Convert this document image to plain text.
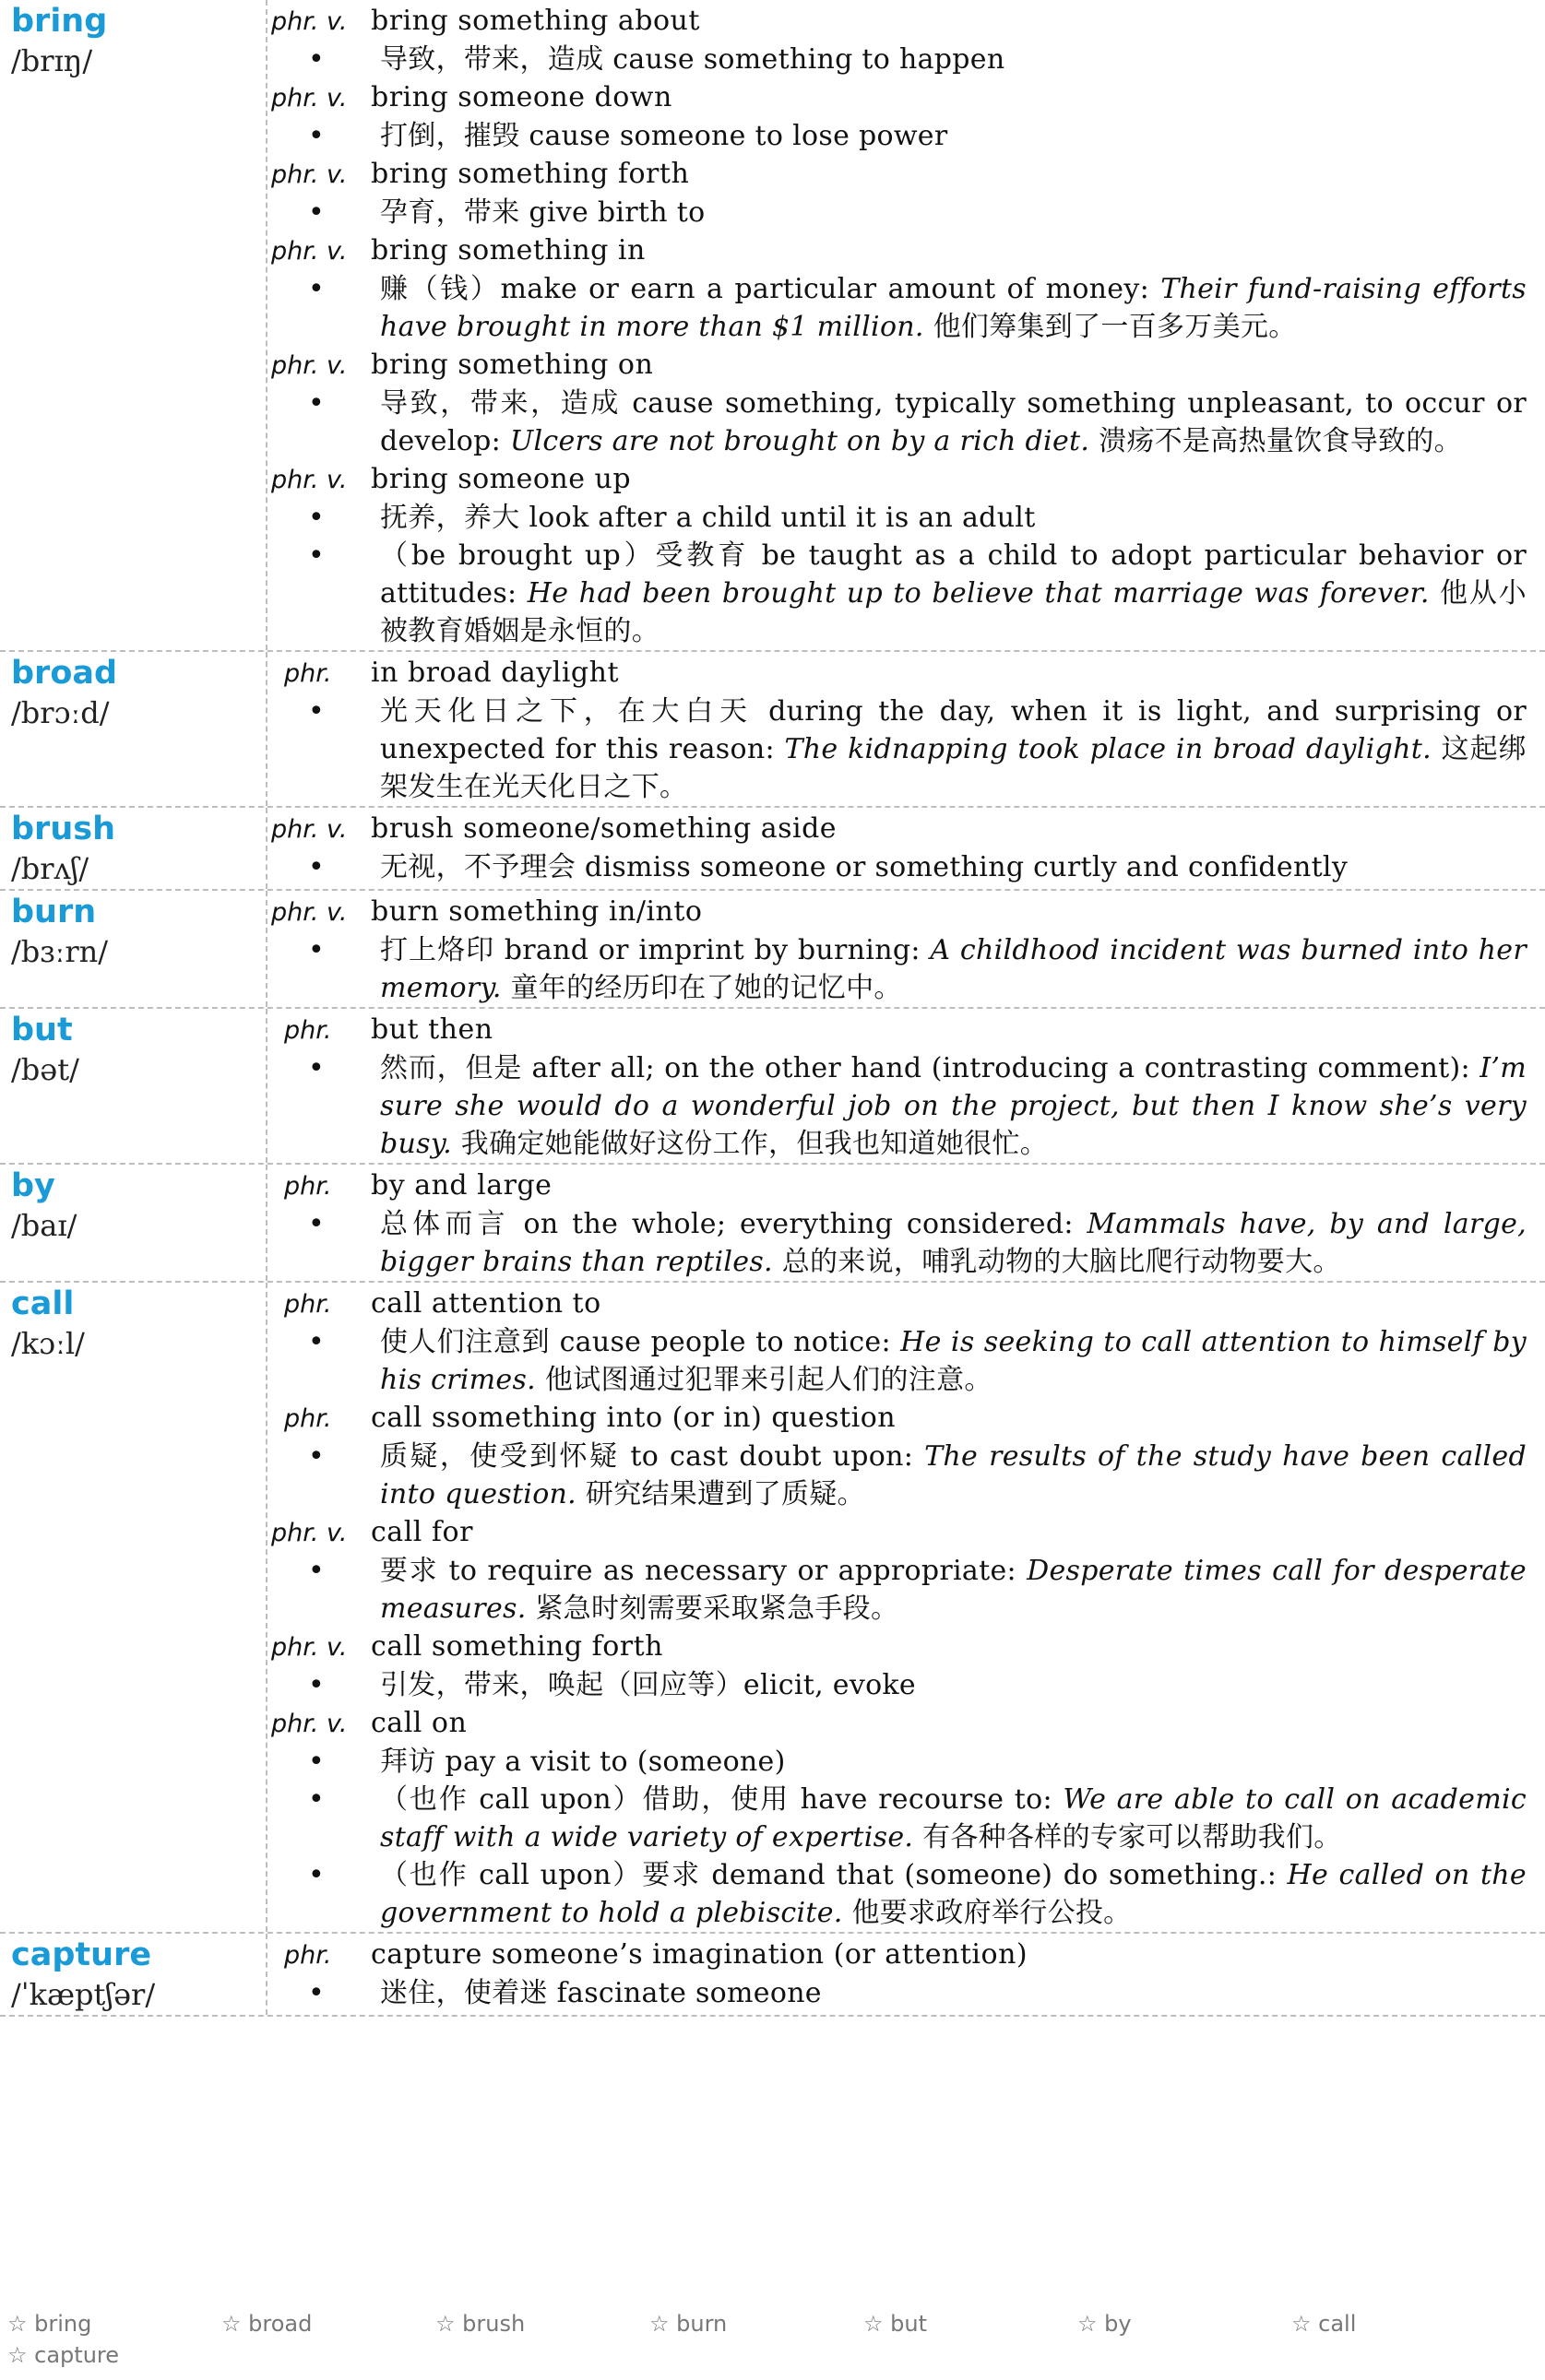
bring
/brɪŋ/
phr. v. bring something about
•	导致，带来，造成 cause something to happen
phr. v. bring someone down
•	打倒，摧毁 cause someone to lose power
phr. v. bring something forth
•	孕育，带来 give birth to
phr. v. bring something in
•	赚（钱）make or earn a particular amount of money: Their fund-raising efforts have brought in more than $1 million. 他们筹集到了一百多万美元。
phr. v. bring something on
•	导致，带来，造成 cause something, typically something unpleasant, to occur or develop: Ulcers are not brought on by a rich diet. 溃疡不是高热量饮食导致的。
phr. v. bring someone up
•	抚养，养大 look after a child until it is an adult
•	（be brought up）受教育 be taught as a child to adopt particular behavior or attitudes: He had been brought up to believe that marriage was forever. 他从小被教育婚姻是永恒的。
broad
/brɔːd/
phr.	in broad daylight
•	光天化日之下，在大白天 during the day, when it is light, and surprising or unexpected for this reason: The kidnapping took place in broad daylight. 这起绑架发生在光天化日之下。
brush
/brʌʃ/
phr. v. brush someone/something aside
•	无视，不予理会 dismiss someone or something curtly and confidently
burn
/bɜːrn/
phr. v. burn something in/into
•	打上烙印 brand or imprint by burning: A childhood incident was burned into her memory. 童年的经历印在了她的记忆中。
but
/bət/
phr.	but then
•	然而，但是 after all; on the other hand (introducing a contrasting comment): I’m sure she would do a wonderful job on the project, but then I know she’s very busy. 我确定她能做好这份工作，但我也知道她很忙。
by
/baɪ/
phr.	by and large
•	总体而言 on the whole; everything considered: Mammals have, by and large, bigger brains than reptiles. 总的来说，哺乳动物的大脑比爬行动物要大。
call
/kɔːl/
phr.	call attention to
•	使人们注意到 cause people to notice: He is seeking to call attention to himself by his crimes. 他试图通过犯罪来引起人们的注意。
phr.	call ssomething into (or in) question
•	质疑，使受到怀疑 to cast doubt upon: The results of the study have been called into question. 研究结果遭到了质疑。
phr. v. call for
•	要求 to require as necessary or appropriate: Desperate times call for desperate measures. 紧急时刻需要采取紧急手段。
phr. v. call something forth
•	引发，带来，唤起（回应等）elicit, evoke
phr. v. call on
•	拜访 pay a visit to (someone)
•	（也作 call upon）借助，使用 have recourse to: We are able to call on academic staff with a wide variety of expertise. 有各种各样的专家可以帮助我们。
•	（也作 call upon）要求 demand that (someone) do something.: He called on the government to hold a plebiscite. 他要求政府举行公投。
capture
/ˈkæptʃər/
phr.	capture someone’s imagination (or attention)
•	迷住，使着迷 fascinate someone
☆ bring	☆ broad	☆ brush	☆ burn	☆ but	☆ by	☆ call
☆ capture
